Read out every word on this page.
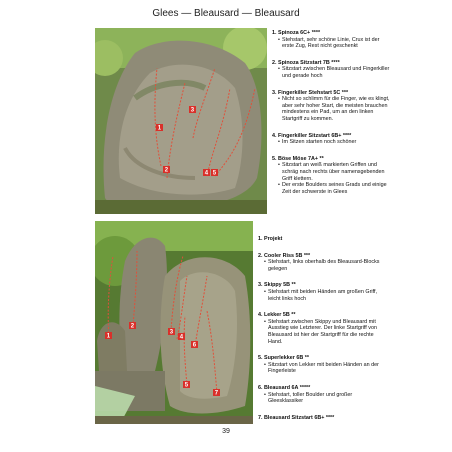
Glees — Bleausard — Bleausard
1
2
3
4 5
1. Spinoza 6C+ ****
• Stehstart, sehr schöne Linie, Crux ist der erste Zug, Rest nicht geschenkt
2. Spinoza Sitzstart 7B ****
• Sitzstart zwischen Bleausard und Fingerkiller und gerade hoch
3. Fingerkiller Stehstart 5C ***
• Nicht so schlimm für die Finger, wie es klingt, aber sehr hoher Start, die meisten brauchen mindestens ein Pad, um an den linken Startgriff zu kommen.
4. Fingerkiller Sitzstart 6B+ ****
• Im Sitzen starten noch schöner
5. Böse Möse 7A+ **
• Sitzstart an weiß markierten Griffen und schräg nach rechts über namensgebenden Griff klettern.
• Der erste Boulders seines Grads und einige Zeit der schwerste in Glees
1
2
3
4
5
6
7
1. Projekt
2. Cooler Riss 5B ***
• Stehstart, links oberhalb des Bleausard-Blocks gelegen
3. Skippy 5B **
• Stehstart mit beiden Händen am großen Griff, leicht links hoch
4. Lekker 5B **
• Stehstart zwischen Skippy und Bleausard mit Ausstieg wie Letzterer. Der linke Startgriff von Bleausard ist hier der Startgriff für die rechte Hand.
5. Superlekker 6B **
• Sitzstart von Lekker mit beiden Händen an der Fingerleiste
6. Bleausard 6A *****
• Stehstart, toller Boulder und großer Gleesklassiker
7. Bleausard Sitzstart 6B+ ****
39
